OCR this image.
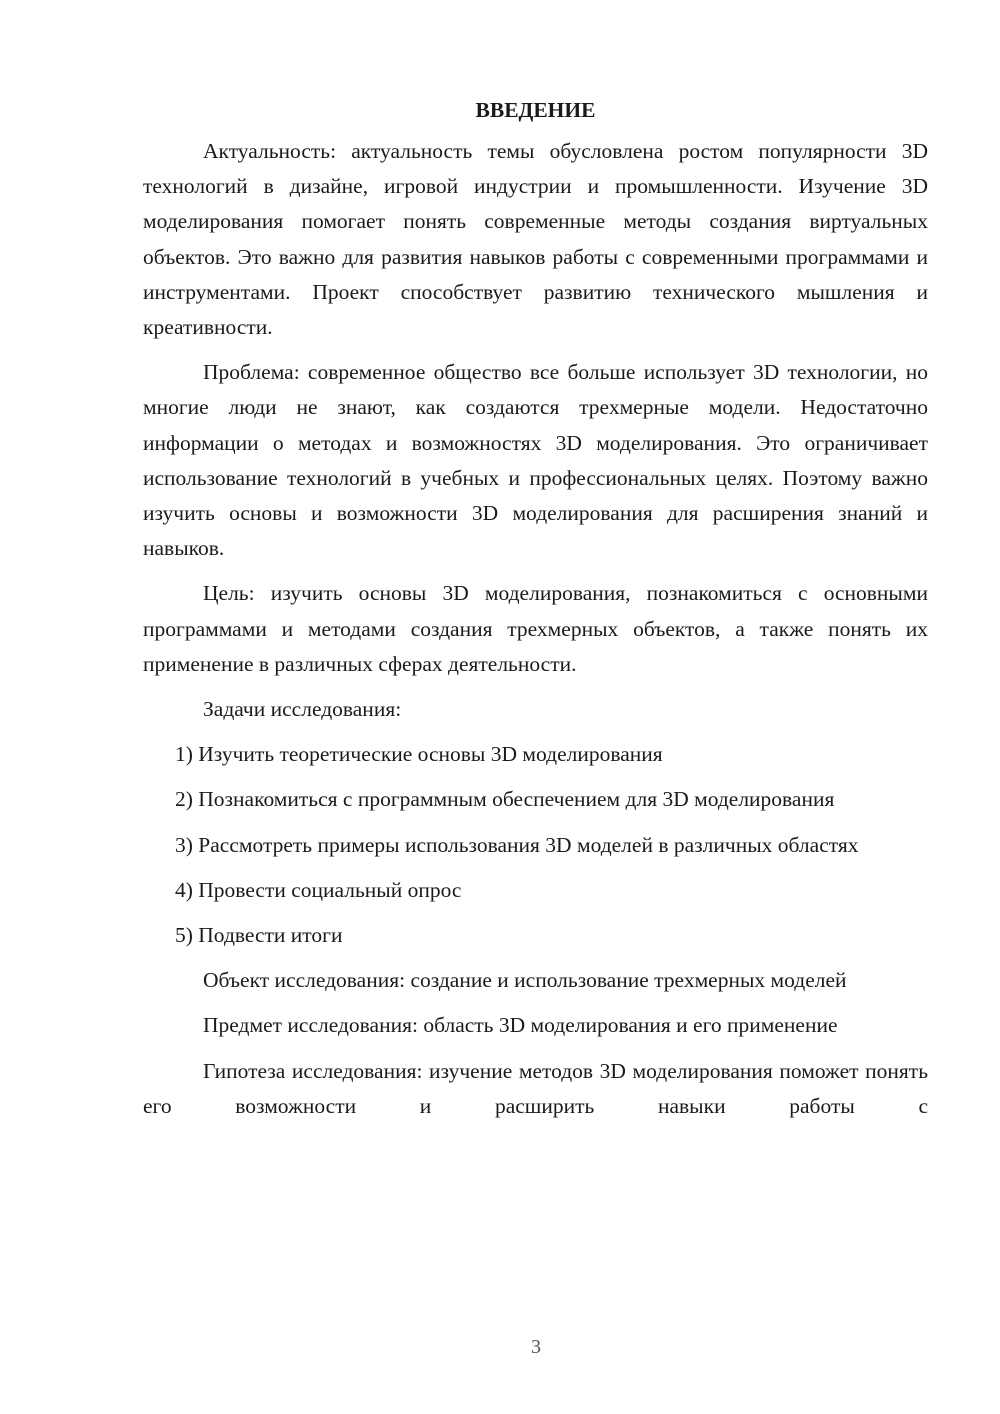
ВВЕДЕНИЕ

Актуальность: актуальность темы обусловлена ростом популярности 3D технологий в дизайне, игровой индустрии и промышленности. Изучение 3D моделирования помогает понять современные методы создания виртуальных объектов. Это важно для развития навыков работы с современными программами и инструментами. Проект способствует развитию технического мышления и креативности.

Проблема: современное общество все больше использует 3D технологии, но многие люди не знают, как создаются трехмерные модели. Недостаточно информации о методах и возможностях 3D моделирования. Это ограничивает использование технологий в учебных и профессиональных целях. Поэтому важно изучить основы и возможности 3D моделирования для расширения знаний и навыков.

Цель: изучить основы 3D моделирования, познакомиться с основными программами и методами создания трехмерных объектов, а также понять их применение в различных сферах деятельности.

Задачи исследования:

1) Изучить теоретические основы 3D моделирования

2) Познакомиться с программным обеспечением для 3D моделирования

3) Рассмотреть примеры использования 3D моделей в различных областях

4) Провести социальный опрос

5) Подвести итоги

Объект исследования: создание и использование трехмерных моделей

Предмет исследования: область 3D моделирования и его применение

Гипотеза исследования: изучение методов 3D моделирования поможет понять его возможности и расширить навыки работы с

3
